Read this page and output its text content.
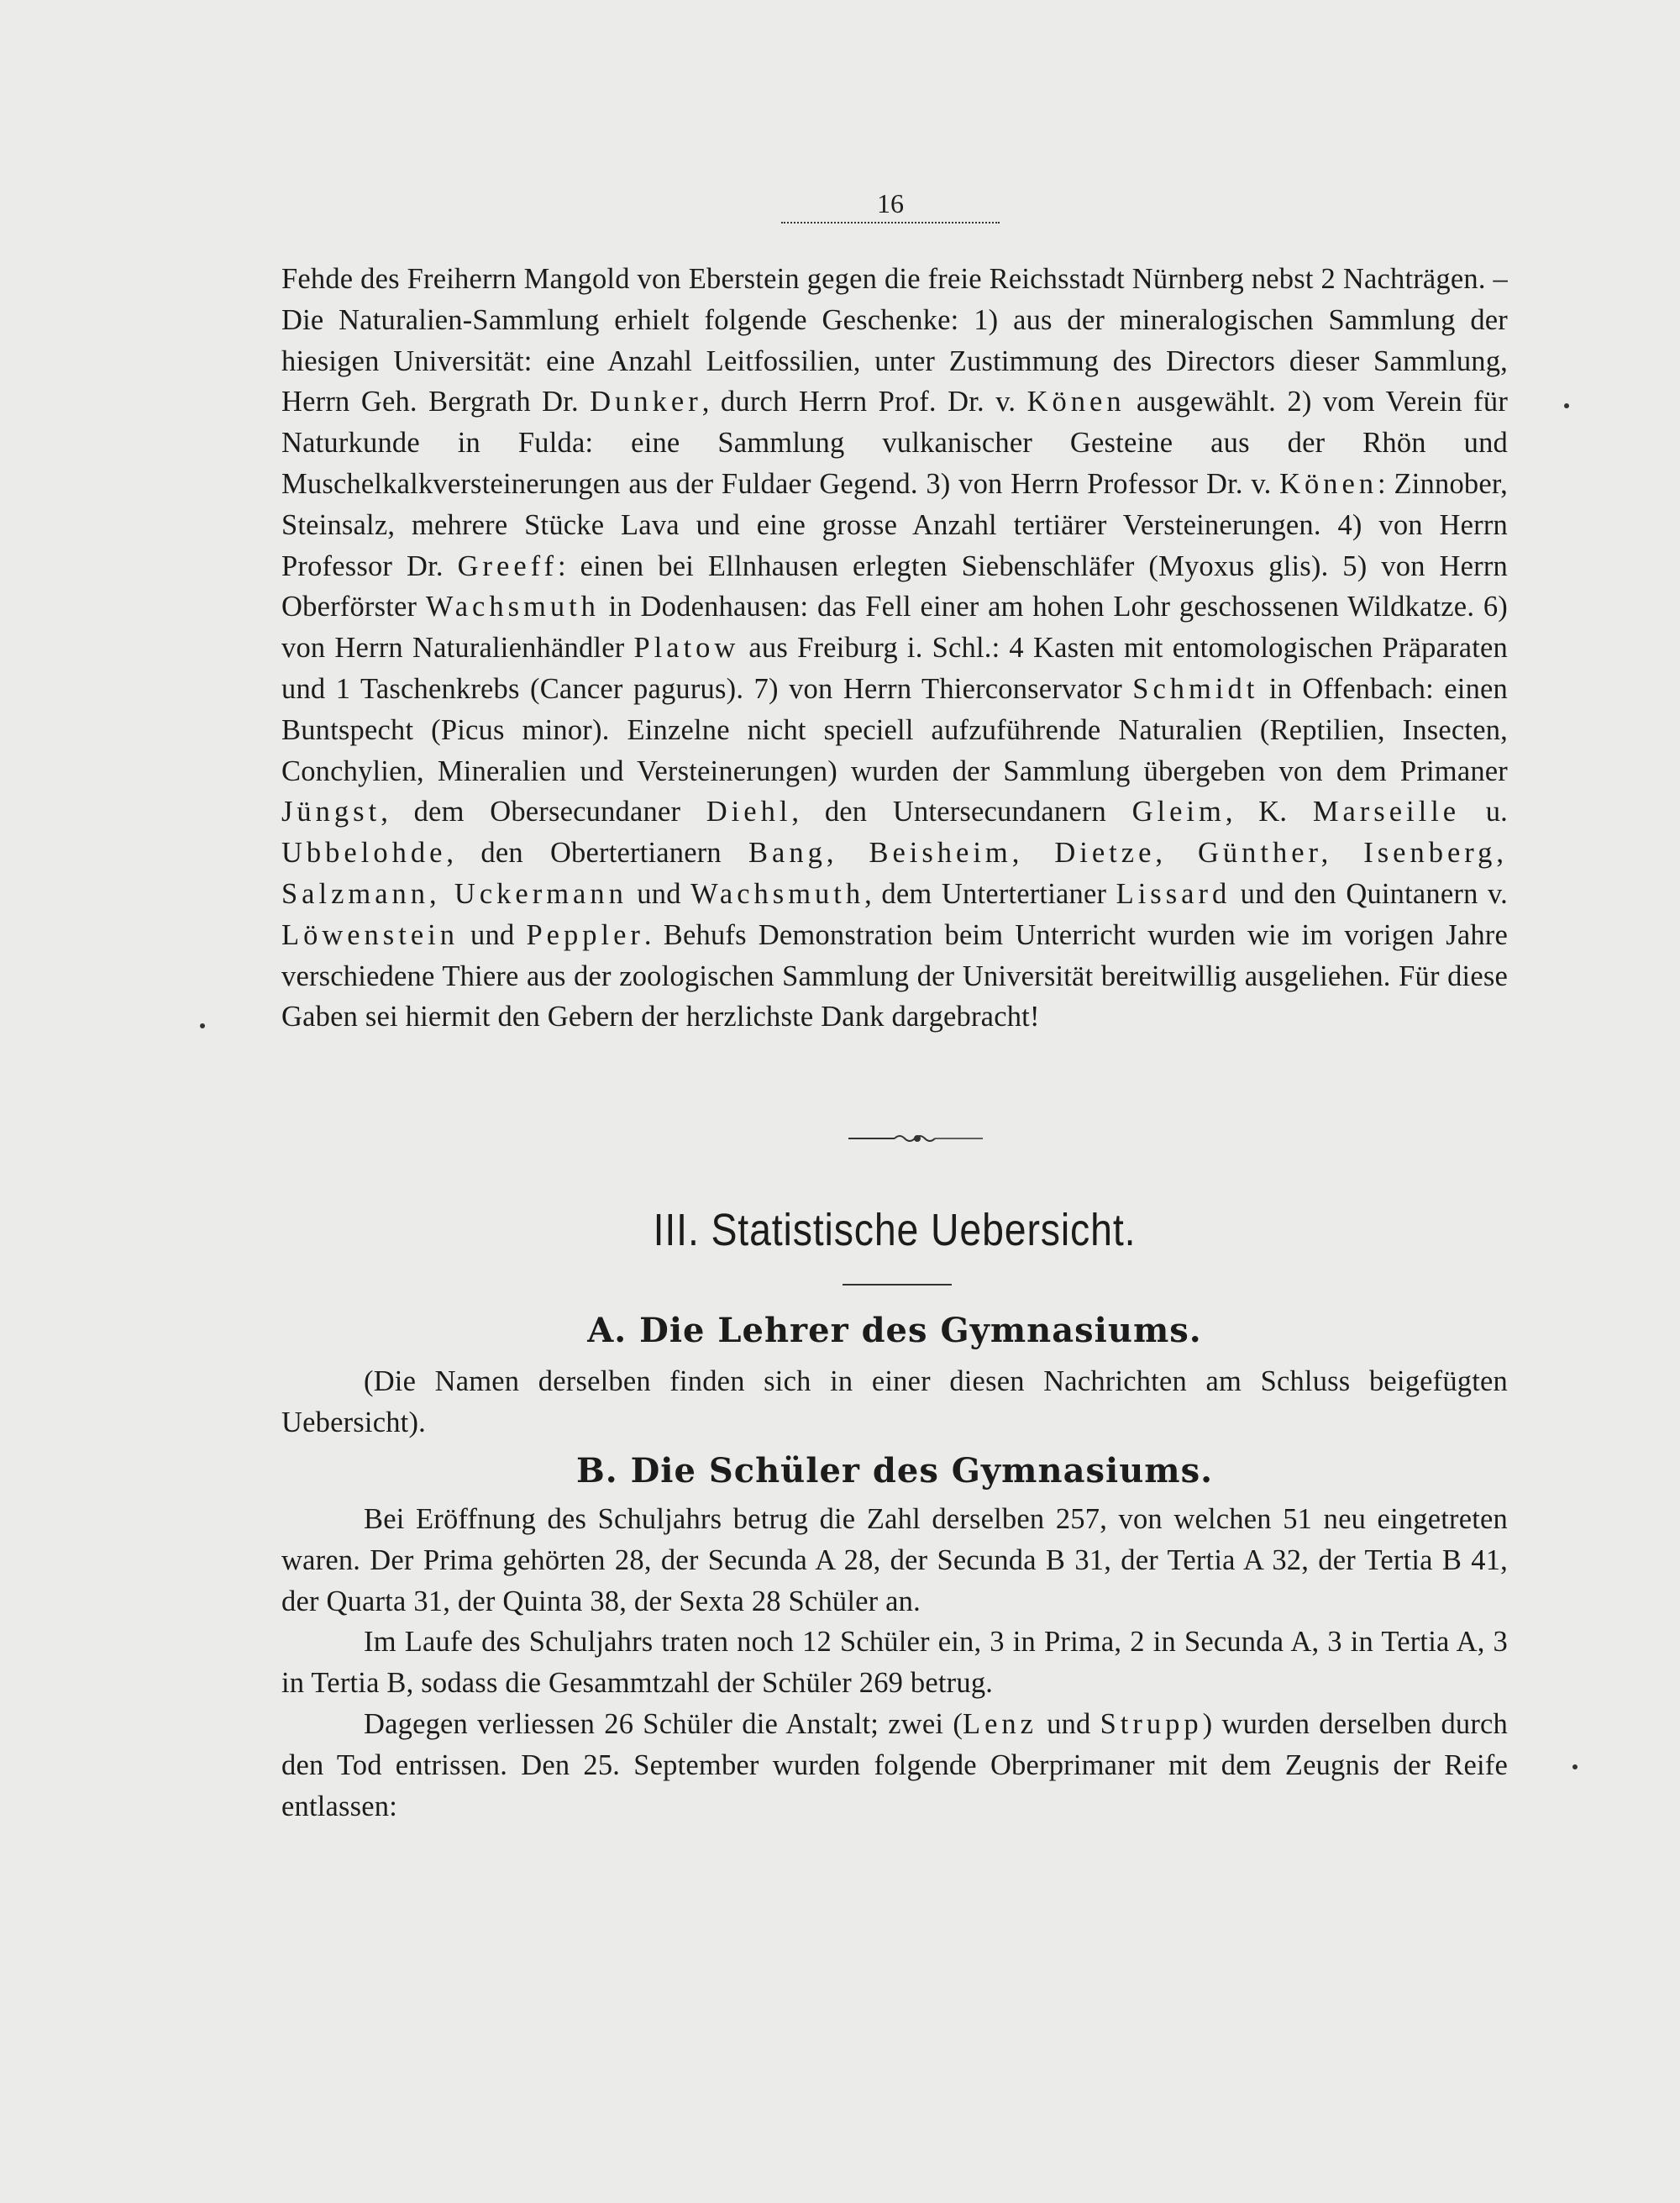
16

Fehde des Freiherrn Mangold von Eberstein gegen die freie Reichsstadt Nürnberg nebst 2 Nachträgen. ‒ Die Naturalien-Sammlung erhielt folgende Geschenke: 1) aus der mineralogischen Sammlung der hiesigen Universität: eine Anzahl Leitfossilien, unter Zustimmung des Directors dieser Sammlung, Herrn Geh. Bergrath Dr. Dunker, durch Herrn Prof. Dr. v. Könen ausgewählt. 2) vom Verein für Naturkunde in Fulda: eine Sammlung vulkanischer Gesteine aus der Rhön und Muschelkalkversteinerungen aus der Fuldaer Gegend. 3) von Herrn Professor Dr. v. Könen: Zinnober, Steinsalz, mehrere Stücke Lava und eine grosse Anzahl tertiärer Versteinerungen. 4) von Herrn Professor Dr. Greeff: einen bei Ellnhausen erlegten Siebenschläfer (Myoxus glis). 5) von Herrn Oberförster Wachsmuth in Dodenhausen: das Fell einer am hohen Lohr geschossenen Wildkatze. 6) von Herrn Naturalienhändler Platow aus Freiburg i. Schl.: 4 Kasten mit entomologischen Präparaten und 1 Taschenkrebs (Cancer pagurus). 7) von Herrn Thierconservator Schmidt in Offenbach: einen Buntspecht (Picus minor). Einzelne nicht speciell aufzuführende Naturalien (Reptilien, Insecten, Conchylien, Mineralien und Versteinerungen) wurden der Sammlung übergeben von dem Primaner Jüngst, dem Obersecundaner Diehl, den Untersecundanern Gleim, K. Marseille u. Ubbelohde, den Obertertianern Bang, Beisheim, Dietze, Günther, Isenberg, Salzmann, Uckermann und Wachsmuth, dem Untertertianer Lissard und den Quintanern v. Löwenstein und Peppler. Behufs Demonstration beim Unterricht wurden wie im vorigen Jahre verschiedene Thiere aus der zoologischen Sammlung der Universität bereitwillig ausgeliehen. Für diese Gaben sei hiermit den Gebern der herzlichste Dank dargebracht!

III. Statistische Uebersicht.
A. Die Lehrer des Gymnasiums.

(Die Namen derselben finden sich in einer diesen Nachrichten am Schluss beigefügten Uebersicht).

B. Die Schüler des Gymnasiums.

Bei Eröffnung des Schuljahrs betrug die Zahl derselben 257, von welchen 51 neu eingetreten waren. Der Prima gehörten 28, der Secunda A 28, der Secunda B 31, der Tertia A 32, der Tertia B 41, der Quarta 31, der Quinta 38, der Sexta 28 Schüler an.

Im Laufe des Schuljahrs traten noch 12 Schüler ein, 3 in Prima, 2 in Secunda A, 3 in Tertia A, 3 in Tertia B, sodass die Gesammtzahl der Schüler 269 betrug.

Dagegen verliessen 26 Schüler die Anstalt; zwei (Lenz und Strupp) wurden derselben durch den Tod entrissen. Den 25. September wurden folgende Oberprimaner mit dem Zeugnis der Reife entlassen:
